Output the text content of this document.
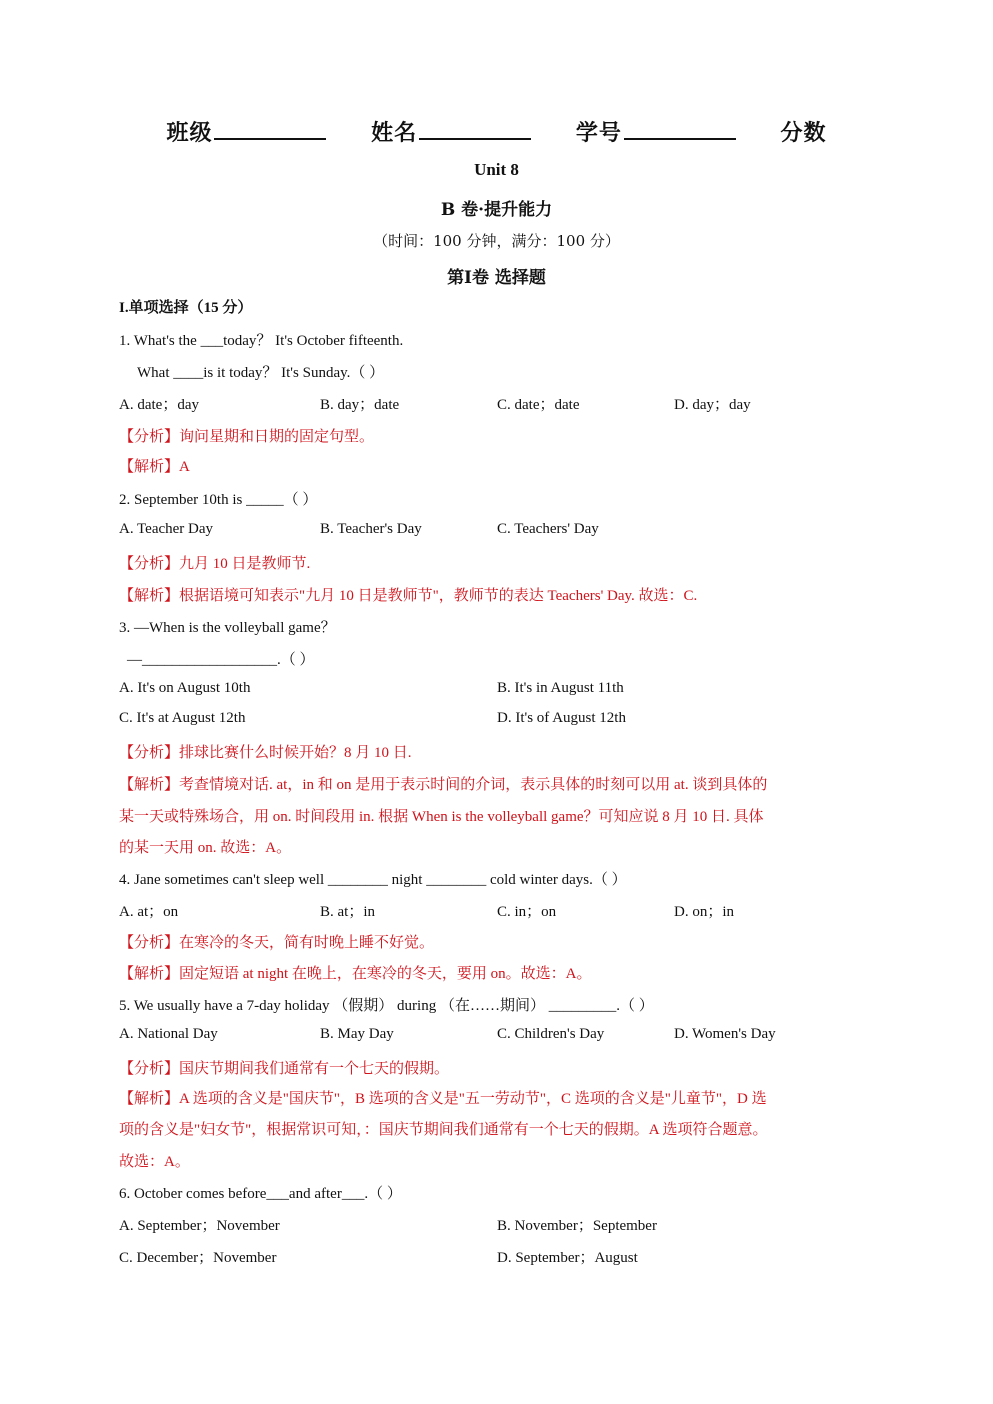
班级	姓名	学号	分数
Unit 8
B 卷·提升能力
（时间：100 分钟，满分：100 分）
第Ⅰ卷 选择题
I.单项选择（15 分）
1. What's the ___today？ It's October fifteenth.
What ____is it today？ It's Sunday.（ ）
A. date；day	B. day；date	C. date；date	D. day；day
【分析】询问星期和日期的固定句型。
【解析】A
2. September 10th is _____（ ）
A. Teacher Day	B. Teacher's Day	C. Teachers' Day
【分析】九月 10 日是教师节.
【解析】根据语境可知表示"九月 10 日是教师节"，教师节的表达 Teachers' Day. 故选：C.
3. —When is the volleyball game？
—__________________.（ ）
A. It's on August 10th	B. It's in August 11th
C. It's at August 12th	D. It's of August 12th
【分析】排球比赛什么时候开始？8 月 10 日.
【解析】考查情境对话. at，in 和 on 是用于表示时间的介词，表示具体的时刻可以用 at. 谈到具体的
某一天或特殊场合，用 on. 时间段用 in. 根据 When is the volleyball game？可知应说 8 月 10 日. 具体
的某一天用 on. 故选：A。
4. Jane sometimes can't sleep well ________ night ________ cold winter days.（ ）
A. at；on	B. at；in	C. in；on	D. on；in
【分析】在寒冷的冬天，简有时晚上睡不好觉。
【解析】固定短语 at night 在晚上，在寒冷的冬天，要用 on。故选：A。
5. We usually have a 7-day holiday （假期） during （在……期间） _________.（ ）
A. National Day	B. May Day	C. Children's Day	D. Women's Day
【分析】国庆节期间我们通常有一个七天的假期。
【解析】A 选项的含义是"国庆节"，B 选项的含义是"五一劳动节"，C 选项的含义是"儿童节"，D 选
项的含义是"妇女节"，根据常识可知，：国庆节期间我们通常有一个七天的假期。A 选项符合题意。
故选：A。
6. October comes before___and after___.（ ）
A. September；November	B. November；September
C. December；November	D. September；August
